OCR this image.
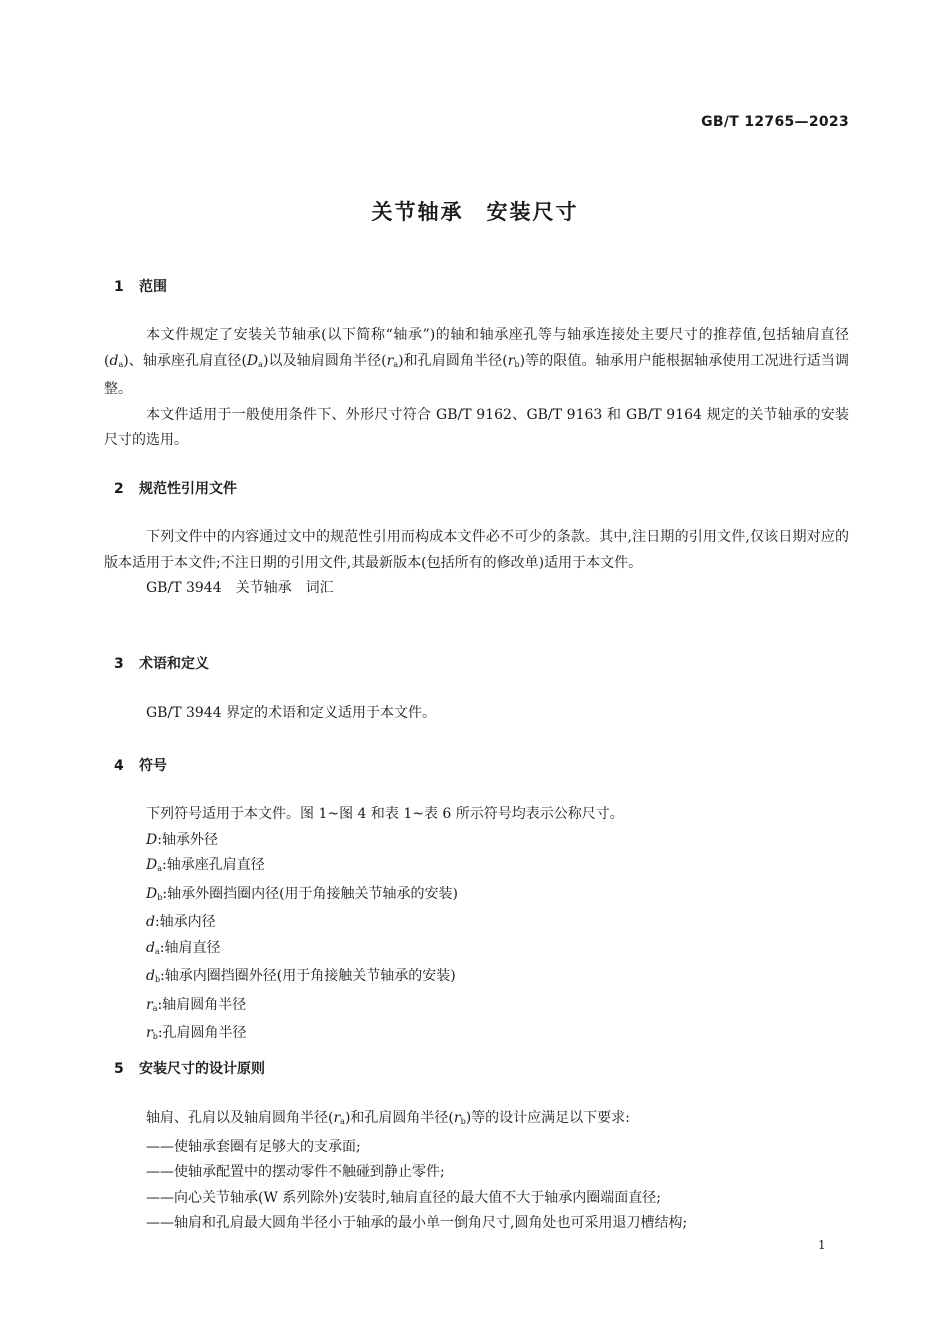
GB/T 12765—2023
关节轴承　安装尺寸
1 范围

本文件规定了安装关节轴承(以下简称“轴承”)的轴和轴承座孔等与轴承连接处主要尺寸的推荐值,包括轴肩直径$(d_a)$、轴承座孔肩直径$(D_a)$以及轴肩圆角半径$(r_a)$和孔肩圆角半径$(r_b)$等的限值。轴承用户能根据轴承使用工况进行适当调整。

本文件适用于一般使用条件下、外形尺寸符合 GB/T 9162、GB/T 9163 和 GB/T 9164 规定的关节轴承的安装尺寸的选用。

2 规范性引用文件

下列文件中的内容通过文中的规范性引用而构成本文件必不可少的条款。其中,注日期的引用文件,仅该日期对应的版本适用于本文件;不注日期的引用文件,其最新版本(包括所有的修改单)适用于本文件。

GB/T 3944　关节轴承　词汇

3 术语和定义

GB/T 3944 界定的术语和定义适用于本文件。

4 符号

下列符号适用于本文件。图 1~图 4 和表 1~表 6 所示符号均表示公称尺寸。

D:轴承外径

$D_a$:轴承座孔肩直径

$D_b$:轴承外圈挡圈内径(用于角接触关节轴承的安装)

d:轴承内径

$d_a$:轴肩直径

$d_b$:轴承内圈挡圈外径(用于角接触关节轴承的安装)

$r_a$:轴肩圆角半径

$r_b$:孔肩圆角半径

5 安装尺寸的设计原则

轴肩、孔肩以及轴肩圆角半径$(r_a)$和孔肩圆角半径$(r_b)$等的设计应满足以下要求:

——使轴承套圈有足够大的支承面;

——使轴承配置中的摆动零件不触碰到静止零件;

——向心关节轴承(W 系列除外)安装时,轴肩直径的最大值不大于轴承内圈端面直径;

——轴肩和孔肩最大圆角半径小于轴承的最小单一倒角尺寸,圆角处也可采用退刀槽结构;

1
